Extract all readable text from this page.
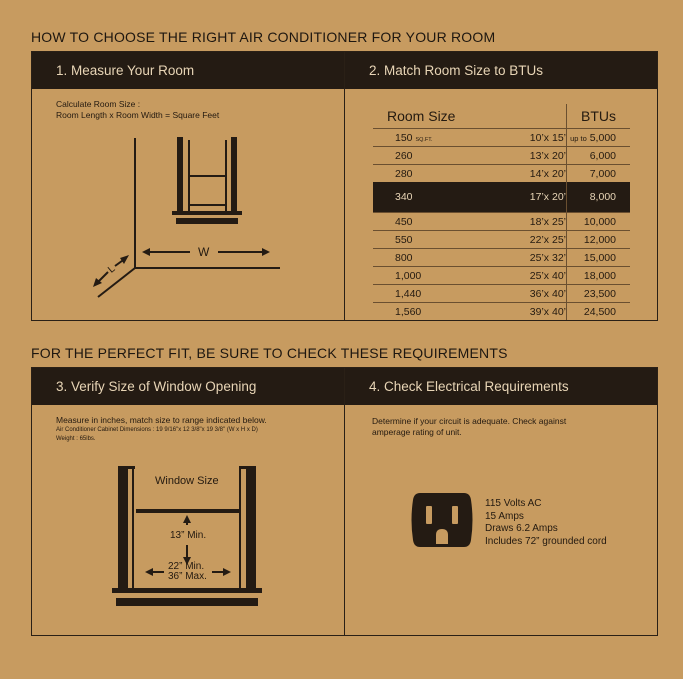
HOW TO CHOOSE THE RIGHT AIR CONDITIONER FOR YOUR ROOM
1. Measure Your Room
Calculate Room Size :
Room Length x Room Width = Square Feet
W
L
2. Match Room Size to BTUs
Room Size		BTUs
150 SQ.FT.	10’x 15’	up to 5,000
260	13’x 20’	6,000
280	14’x 20’	7,000
340	17’x 20’	8,000
450	18’x 25’	10,000
550	22’x 25’	12,000
800	25’x 32’	15,000
1,000	25’x 40’	18,000
1,440	36’x 40’	23,500
1,560	39’x 40’	24,500
FOR THE PERFECT FIT, BE SURE TO CHECK THESE REQUIREMENTS
3. Verify Size of Window Opening
Measure in inches, match size to range indicated below.
Air Conditioner Cabinet Dimensions : 19 9/16"x 12 3/8"x 19 3/8" (W x H x D)
Weight : 65lbs.
Window Size
13” Min.
22” Min.
36” Max.
4. Check Electrical Requirements
Determine if your circuit is adequate. Check against
amperage rating of unit.
115 Volts AC
15 Amps
Draws 6.2 Amps
Includes 72” grounded cord
